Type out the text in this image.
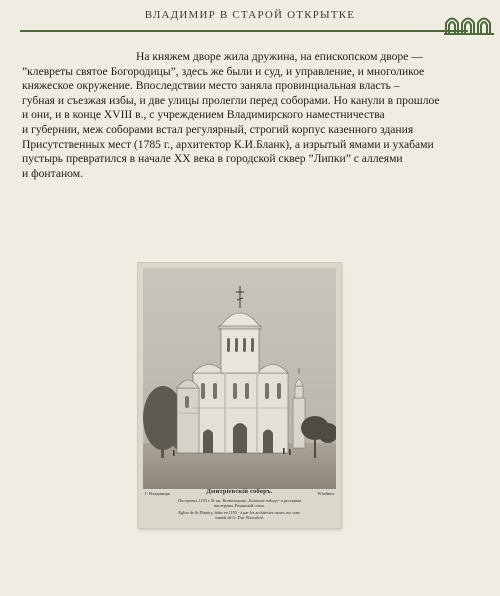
ВЛАДИМИР В СТАРОЙ ОТКРЫТКЕ

На княжем дворе жила дружина, на епископском дворе —
”клевреты святое Богородицы”, здесь же были и суд, и управление, и многоликое
княжеское окружение. Впоследствии место заняла провинциальная власть –
губная и съезжая избы, и две улицы пролегли перед соборами. Но канули в прошлое
и они, и в конце XVIII в., с учреждением Владимирского наместничества
и губернии, меж соборами встал регулярный, строгий корпус казенного здания
Присутственных мест (1785 г., архитектор К.И.Бланк), а изрытый ямами и ухабами
пустырь превратился в начале XX века в городской сквер ”Липки” с аллеями
и фонтаном.

Г. Владимиръ.	Дмитріевскій соборъ.	Wladimir
Построенъ 1193 г. В. кн. Всеволодомъ „Большое гнѣздо“ и русскими
мастерами. Романскій стиль.
Eglise de St Dimitry, bâtie en 1193 - à par les architectes russes sur com-
mande de G. Duc Wsevolod.
